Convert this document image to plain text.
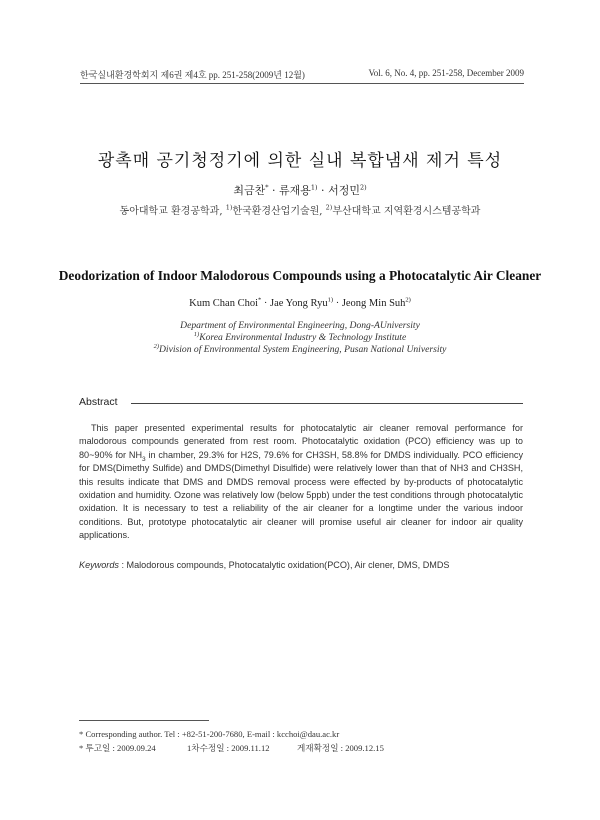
한국실내환경학회지 제6권 제4호 pp. 251-258(2009년 12월)	Vol. 6, No. 4, pp. 251-258, December 2009
광촉매 공기청정기에 의한 실내 복합냄새 제거 특성
최금찬* · 류재용$^{1)}$ · 서정민$^{2)}$
동아대학교 환경공학과, $^{1)}$한국환경산업기술원, $^{2)}$부산대학교 지역환경시스템공학과
Deodorization of Indoor Malodorous Compounds using a Photocatalytic Air Cleaner
Kum Chan Choi* · Jae Yong Ryu$^{1)}$ · Jeong Min Suh$^{2)}$
Department of Environmental Engineering, Dong-AUniversity
$^{1)}$Korea Environmental Industry & Technology Institute
$^{2)}$Division of Environmental System Engineering, Pusan National University
Abstract
This paper presented experimental results for photocatalytic air cleaner removal performance for malodorous compounds generated from rest room. Photocatalytic oxidation (PCO) efficiency was up to 80~90% for $NH_3$ in chamber, 29.3% for H2S, 79.6% for CH3SH, 58.8% for DMDS individually. PCO efficiency for DMS(Dimethy Sulfide) and DMDS(Dimethyl Disulfide) were relatively lower than that of NH3 and CH3SH, this results indicate that DMS and DMDS removal process were effected by by-products of photocatalytic oxidation and humidity. Ozone was relatively low (below 5ppb) under the test conditions through photocatalytic oxidation. It is necessary to test a reliability of the air cleaner for a longtime under the various indoor conditions. But, prototype photocatalytic air cleaner will promise useful air cleaner for indoor air quality applications.
Keywords : Malodorous compounds, Photocatalytic oxidation(PCO), Air clener, DMS, DMDS
* Corresponding author. Tel : +82-51-200-7680, E-mail : kcchoi@dau.ac.kr
* 투고일 : 2009.09.24	1차수정일 : 2009.11.12	게재확정일 : 2009.12.15
